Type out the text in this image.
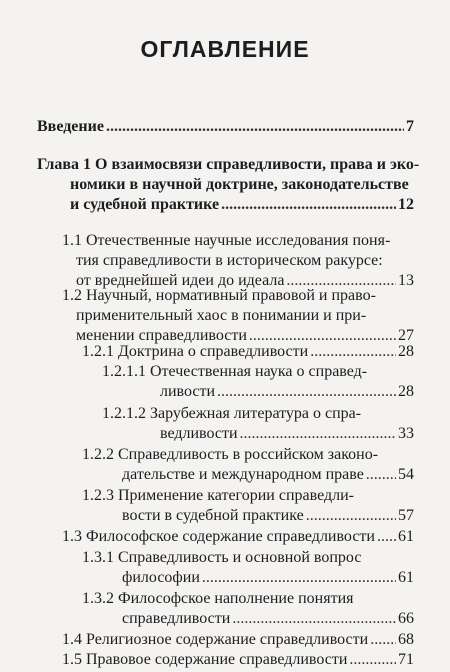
ОГЛАВЛЕНИЕ
Введение .....	7
Глава 1 О взаимосвязи справедливости, права и эко-
номики в научной доктрине, законодательстве
и судебной практике .....	12
1.1 Отечественные научные исследования поня-
тия справедливости в историческом ракурсе:
от вреднейшей идеи до идеала .....	13
1.2 Научный, нормативный правовой и право-
применительный хаос в понимании и при-
менении справедливости .....	27
1.2.1 Доктрина о справедливости .....	28
1.2.1.1 Отечественная наука о справед-
ливости .....	28
1.2.1.2 Зарубежная литература о спра-
ведливости .....	33
1.2.2 Справедливость в российском законо-
дательстве и международном праве ..... 54
1.2.3 Применение категории справедли-
вости в судебной практике .....	57
1.3 Философское содержание справедливости ..... 61
1.3.1 Справедливость и основной вопрос
философии .....	61
1.3.2 Философское наполнение понятия
справедливости .....	66
1.4 Религиозное содержание справедливости ..... 68
1.5 Правовое содержание справедливости .....	71
